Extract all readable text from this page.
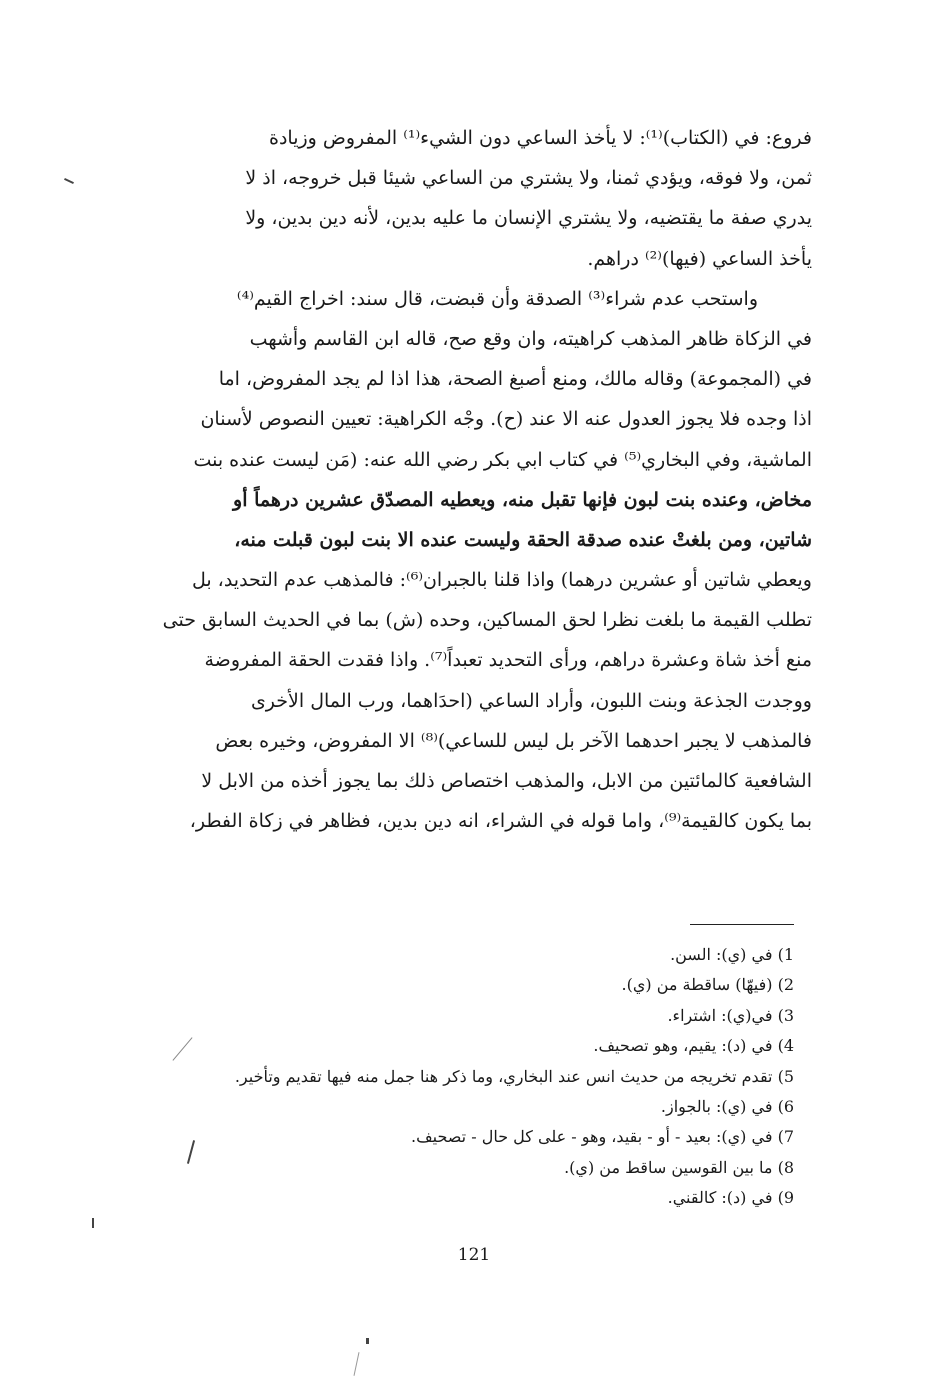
فروع: في (الكتاب)⁽¹⁾: لا يأخذ الساعي دون الشيء⁽¹⁾ المفروض وزيادة
ثمن، ولا فوقه، ويؤدي ثمنا، ولا يشتري من الساعي شيئا قبل خروجه، اذ لا
يدري صفة ما يقتضيه، ولا يشتري الإنسان ما عليه بدين، لأنه دين بدين، ولا
يأخذ الساعي (فيها)⁽²⁾ دراهم.
واستحب عدم شراء⁽³⁾ الصدقة وأن قبضت، قال سند: اخراج القيم⁽⁴⁾
في الزكاة ظاهر المذهب كراهيته، وان وقع صح، قاله ابن القاسم وأشهب
في (المجموعة) وقاله مالك، ومنع أصبغ الصحة، هذا اذا لم يجد المفروض، اما
اذا وجده فلا يجوز العدول عنه الا عند (ح). وجْه الكراهية: تعيين النصوص لأسنان
الماشية، وفي البخاري⁽⁵⁾ في كتاب ابي بكر رضي الله عنه: (مَن ليست عنده بنت
مخاض، وعنده بنت لبون فإنها تقبل منه، ويعطيه المصدّق عشرين درهماً أو
شاتين، ومن بلغتْ عنده صدقة الحقة وليست عنده الا بنت لبون قبلت منه،
ويعطي شاتين أو عشرين درهما) واذا قلنا بالجبران⁽⁶⁾: فالمذهب عدم التحديد، بل
تطلب القيمة ما بلغت نظرا لحق المساكين، وحده (ش) بما في الحديث السابق حتى
منع أخذ شاة وعشرة دراهم، ورأى التحديد تعبداً⁽⁷⁾. واذا فقدت الحقة المفروضة
ووجدت الجذعة وبنت اللبون، وأراد الساعي (احدَاهما، ورب المال الأخرى
فالمذهب لا يجبر احدهما الآخر بل ليس للساعي)⁽⁸⁾ الا المفروض، وخيره بعض
الشافعية كالمائتين من الابل، والمذهب اختصاص ذلك بما يجوز أخذه من الابل لا
بما يكون كالقيمة⁽⁹⁾، واما قوله في الشراء، انه دين بدين، فظاهر في زكاة الفطر،
1) في (ي): السن.
2) (فيهّا) ساقطة من (ي).
3) في(ي): اشتراء.
4) في (د): يقيم، وهو تصحيف.
5) تقدم تخريجه من حديث انس عند البخاري، وما ذكر هنا جمل منه فيها تقديم وتأخير.
6) في (ي): بالجواز.
7) في (ي): بعيد - أو - بقيد، وهو - على كل حال - تصحيف.
8) ما بين القوسين ساقط من (ي).
9) في (د): كالقني.
121
